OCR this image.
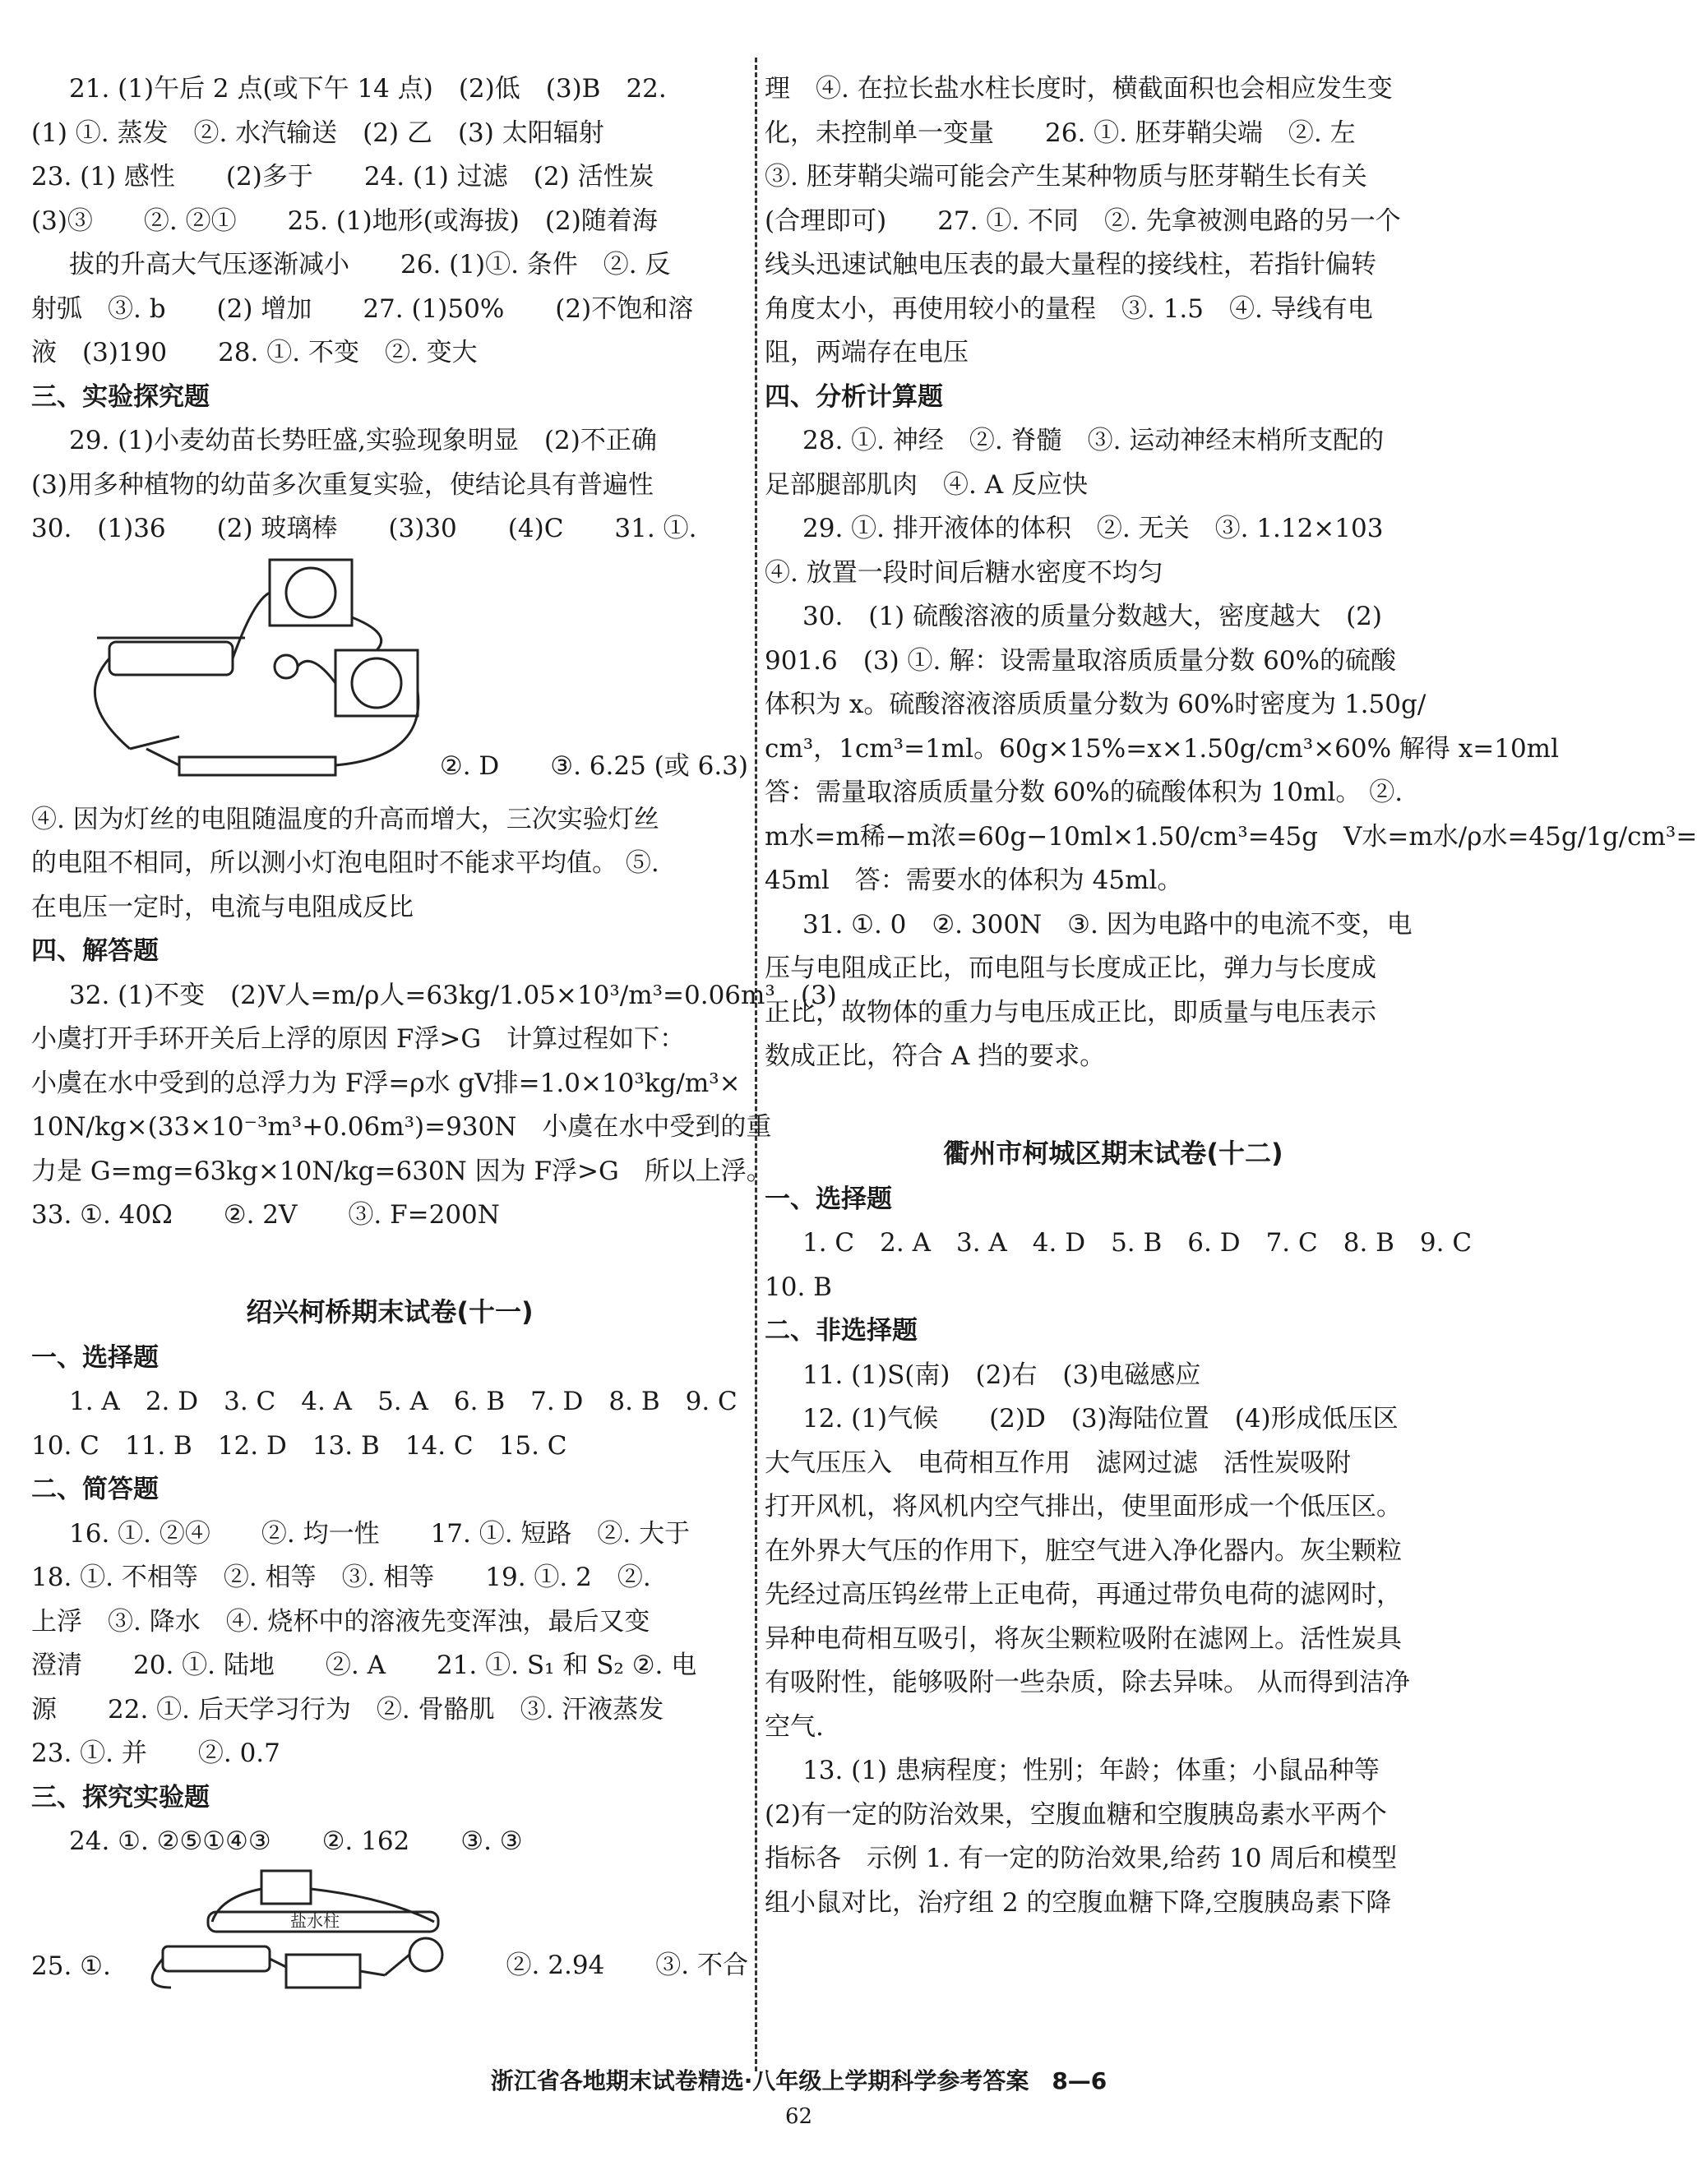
21. (1)午后 2 点(或下午 14 点)　(2)低　(3)B　22.
(1) ①. 蒸发　②. 水汽输送　(2) 乙　(3) 太阳辐射
23. (1) 感性　　(2)多于　　24. (1) 过滤　(2) 活性炭
(3)③　　②. ②①　　25. (1)地形(或海拔)　(2)随着海
拔的升高大气压逐渐减小　　26. (1)①. 条件　②. 反
射弧　③. b　　(2) 增加　　27. (1)50%　　(2)不饱和溶
液　(3)190　　28. ①. 不变　②. 变大
三、实验探究题
29. (1)小麦幼苗长势旺盛,实验现象明显　(2)不正确
(3)用多种植物的幼苗多次重复实验，使结论具有普遍性
30.　(1)36　　(2) 玻璃棒　　(3)30　　(4)C　　31. ①.
②. D　　③. 6.25 (或 6.3)
④. 因为灯丝的电阻随温度的升高而增大，三次实验灯丝
的电阻不相同，所以测小灯泡电阻时不能求平均值。 ⑤.
在电压一定时，电流与电阻成反比
四、解答题
32. (1)不变　(2)V人=m/ρ人=63kg/1.05×10³/m³=0.06m³　(3)
小虞打开手环开关后上浮的原因 F浮>G　计算过程如下：
小虞在水中受到的总浮力为 F浮=ρ水 gV排=1.0×10³kg/m³×
10N/kg×(33×10⁻³m³+0.06m³)=930N　小虞在水中受到的重
力是 G=mg=63kg×10N/kg=630N 因为 F浮>G　所以上浮。
33. ①. 40Ω　　②. 2V　　③. F=200N
绍兴柯桥期末试卷(十一)
一、选择题
1. A　2. D　3. C　4. A　5. A　6. B　7. D　8. B　9. C
10. C　11. B　12. D　13. B　14. C　15. C
二、简答题
16. ①. ②④　　②. 均一性　　17. ①. 短路　②. 大于
18. ①. 不相等　②. 相等　③. 相等　　19. ①. 2　②.
上浮　③. 降水　④. 烧杯中的溶液先变浑浊，最后又变
澄清　　20. ①. 陆地　　②. A　　21. ①. S₁ 和 S₂ ②. 电
源　　22. ①. 后天学习行为　②. 骨骼肌　③. 汗液蒸发
23. ①. 并　　②. 0.7
三、探究实验题
24. ①. ②⑤①④③　　②. 162　　③. ③
25. ①.
盐水柱
②. 2.94　　③. 不合
理　④. 在拉长盐水柱长度时，横截面积也会相应发生变
化，未控制单一变量　　26. ①. 胚芽鞘尖端　②. 左
③. 胚芽鞘尖端可能会产生某种物质与胚芽鞘生长有关
(合理即可)　　27. ①. 不同　②. 先拿被测电路的另一个
线头迅速试触电压表的最大量程的接线柱，若指针偏转
角度太小，再使用较小的量程　③. 1.5　④. 导线有电
阻，两端存在电压
四、分析计算题
28. ①. 神经　②. 脊髓　③. 运动神经末梢所支配的
足部腿部肌肉　④. A 反应快
29. ①. 排开液体的体积　②. 无关　③. 1.12×103
④. 放置一段时间后糖水密度不均匀
30.　(1) 硫酸溶液的质量分数越大，密度越大　(2)
901.6　(3) ①. 解：设需量取溶质质量分数 60%的硫酸
体积为 x。硫酸溶液溶质质量分数为 60%时密度为 1.50g/
cm³，1cm³=1ml。60g×15%=x×1.50g/cm³×60% 解得 x=10ml
答：需量取溶质质量分数 60%的硫酸体积为 10ml。 ②.
m水=m稀−m浓=60g−10ml×1.50/cm³=45g　V水=m水/ρ水=45g/1g/cm³=
45ml　答：需要水的体积为 45ml。
31. ①. 0　②. 300N　③. 因为电路中的电流不变，电
压与电阻成正比，而电阻与长度成正比，弹力与长度成
正比，故物体的重力与电压成正比，即质量与电压表示
数成正比，符合 A 挡的要求。
衢州市柯城区期末试卷(十二)
一、选择题
1. C　2. A　3. A　4. D　5. B　6. D　7. C　8. B　9. C
10. B
二、非选择题
11. (1)S(南)　(2)右　(3)电磁感应
12. (1)气候　　(2)D　(3)海陆位置　(4)形成低压区
大气压压入　电荷相互作用　滤网过滤　活性炭吸附
打开风机，将风机内空气排出，使里面形成一个低压区。
在外界大气压的作用下，脏空气进入净化器内。灰尘颗粒
先经过高压钨丝带上正电荷，再通过带负电荷的滤网时，
异种电荷相互吸引，将灰尘颗粒吸附在滤网上。活性炭具
有吸附性，能够吸附一些杂质，除去异味。 从而得到洁净
空气.
13. (1) 患病程度；性别；年龄；体重；小鼠品种等
(2)有一定的防治效果，空腹血糖和空腹胰岛素水平两个
指标各　示例 1. 有一定的防治效果,给药 10 周后和模型
组小鼠对比，治疗组 2 的空腹血糖下降,空腹胰岛素下降
浙江省各地期末试卷精选·八年级上学期科学参考答案　8—6
62
